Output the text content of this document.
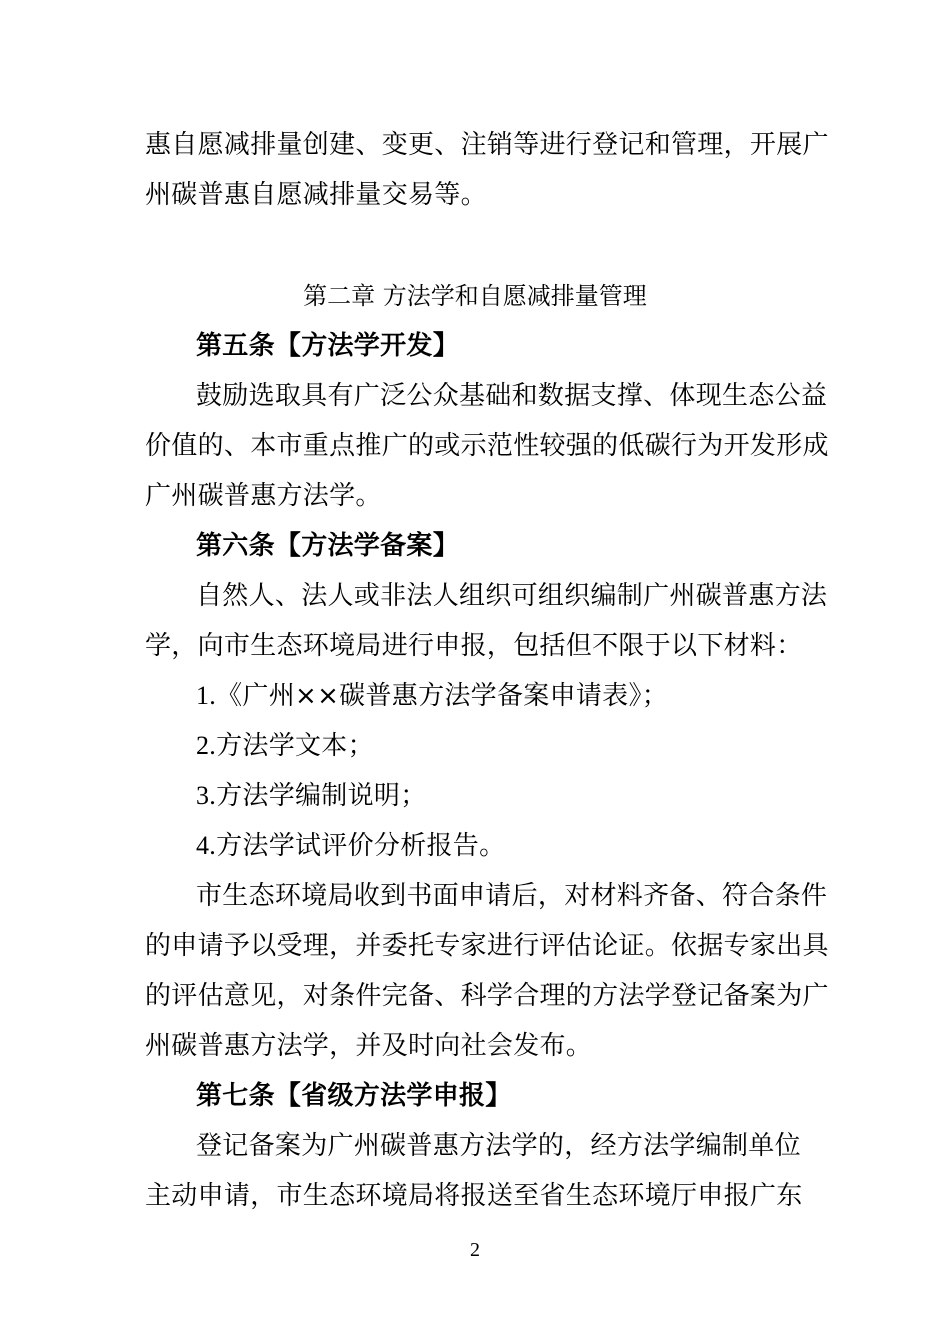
惠自愿减排量创建、变更、注销等进行登记和管理，开展广
州碳普惠自愿减排量交易等。
第二章 方法学和自愿减排量管理
第五条【方法学开发】
鼓励选取具有广泛公众基础和数据支撑、体现生态公益
价值的、本市重点推广的或示范性较强的低碳行为开发形成
广州碳普惠方法学。
第六条【方法学备案】
自然人、法人或非法人组织可组织编制广州碳普惠方法
学，向市生态环境局进行申报，包括但不限于以下材料：
1.《广州××碳普惠方法学备案申请表》；
2.方法学文本；
3.方法学编制说明；
4.方法学试评价分析报告。
市生态环境局收到书面申请后，对材料齐备、符合条件
的申请予以受理，并委托专家进行评估论证。依据专家出具
的评估意见，对条件完备、科学合理的方法学登记备案为广
州碳普惠方法学，并及时向社会发布。
第七条【省级方法学申报】
登记备案为广州碳普惠方法学的，经方法学编制单位
主动申请，市生态环境局将报送至省生态环境厅申报广东
2
